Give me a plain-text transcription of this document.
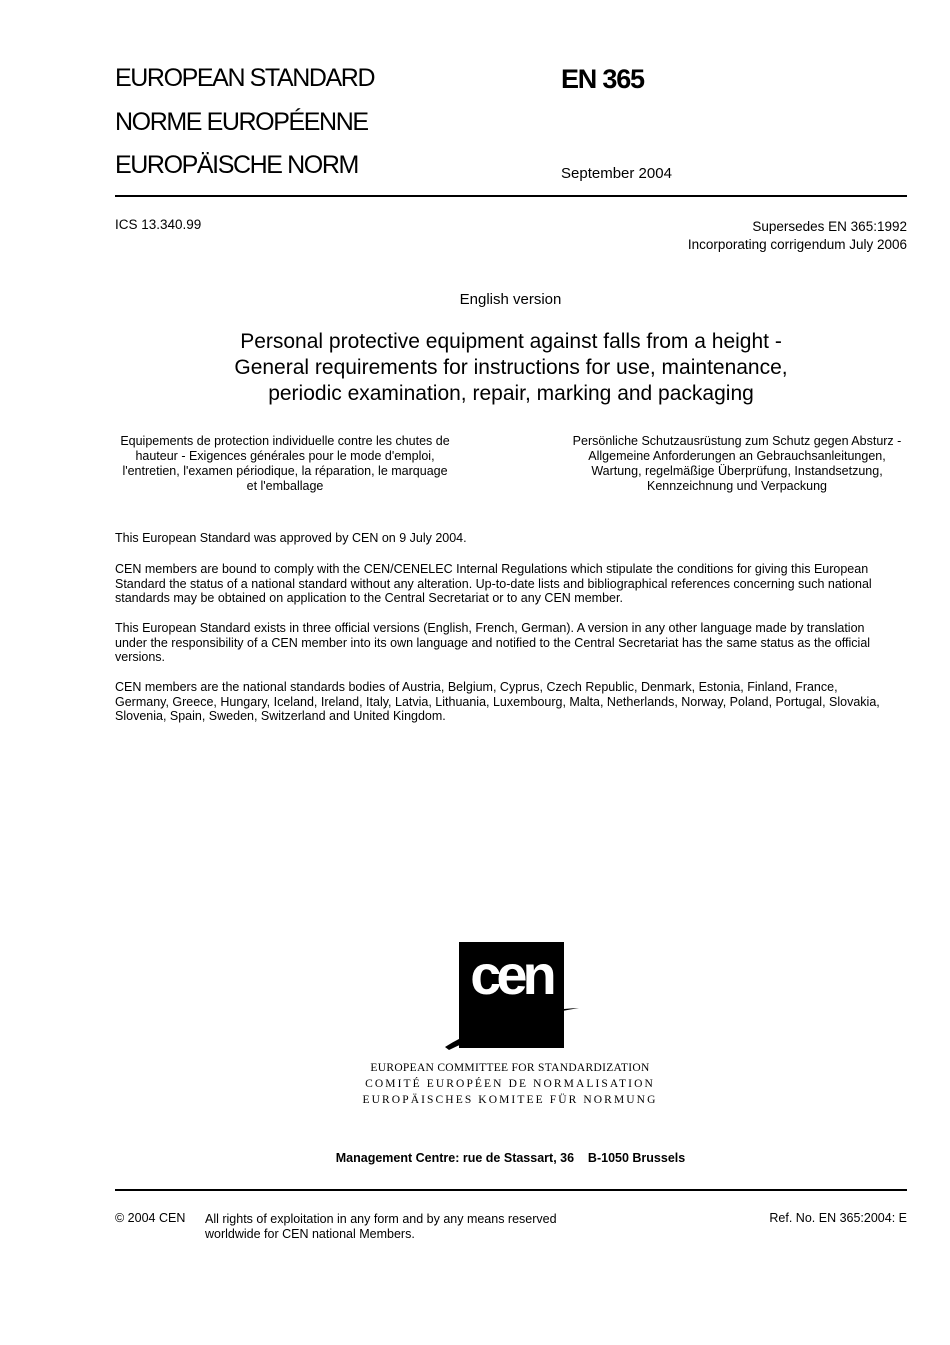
EUROPEAN STANDARD
NORME EUROPÉENNE
EUROPÄISCHE NORM
EN 365
September 2004
ICS 13.340.99	Supersedes EN 365:1992
Incorporating corrigendum July 2006
English version
Personal protective equipment against falls from a height -
General requirements for instructions for use, maintenance,
periodic examination, repair, marking and packaging
Equipements de protection individuelle contre les chutes de
hauteur - Exigences générales pour le mode d'emploi,
l'entretien, l'examen périodique, la réparation, le marquage
et l'emballage
Persönliche Schutzausrüstung zum Schutz gegen Absturz -
Allgemeine Anforderungen an Gebrauchsanleitungen,
Wartung, regelmäßige Überprüfung, Instandsetzung,
Kennzeichnung und Verpackung
This European Standard was approved by CEN on 9 July 2004.
CEN members are bound to comply with the CEN/CENELEC Internal Regulations which stipulate the conditions for giving this European
Standard the status of a national standard without any alteration. Up-to-date lists and bibliographical references concerning such national
standards may be obtained on application to the Central Secretariat or to any CEN member.
This European Standard exists in three official versions (English, French, German). A version in any other language made by translation
under the responsibility of a CEN member into its own language and notified to the Central Secretariat has the same status as the official
versions.
CEN members are the national standards bodies of Austria, Belgium, Cyprus, Czech Republic, Denmark, Estonia, Finland, France,
Germany, Greece, Hungary, Iceland, Ireland, Italy, Latvia, Lithuania, Luxembourg, Malta, Netherlands, Norway, Poland, Portugal, Slovakia,
Slovenia, Spain, Sweden, Switzerland and United Kingdom.
cen
EUROPEAN COMMITTEE FOR STANDARDIZATION
COMITÉ EUROPÉEN DE NORMALISATION
EUROPÄISCHES KOMITEE FÜR NORMUNG
Management Centre: rue de Stassart, 36    B-1050 Brussels
© 2004 CEN All rights of exploitation in any form and by any means reserved
worldwide for CEN national Members.
Ref. No. EN 365:2004: E
